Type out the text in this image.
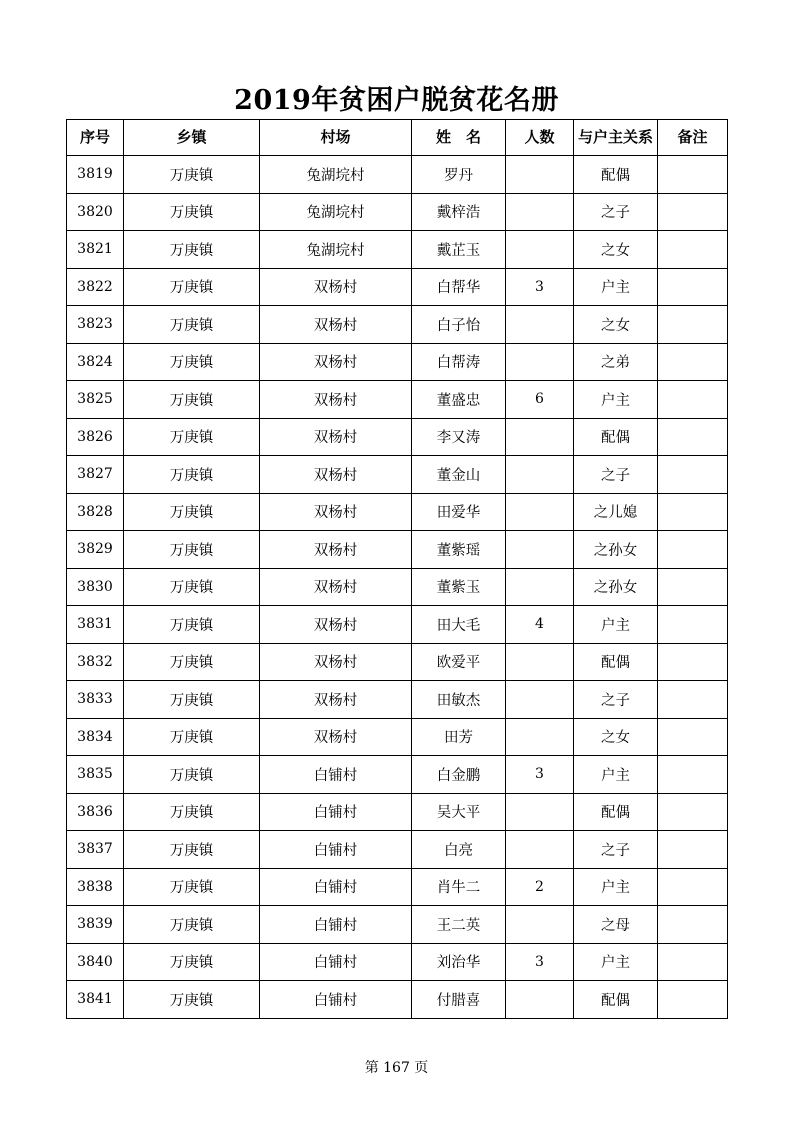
2019年贫困户脱贫花名册
序号	乡镇	村场	姓　名	人数	与户主关系	备注
3819	万庚镇	兔湖垸村	罗丹		配偶	
3820	万庚镇	兔湖垸村	戴梓浩		之子	
3821	万庚镇	兔湖垸村	戴芷玉		之女	
3822	万庚镇	双杨村	白帮华	3	户主	
3823	万庚镇	双杨村	白子怡		之女	
3824	万庚镇	双杨村	白帮涛		之弟	
3825	万庚镇	双杨村	董盛忠	6	户主	
3826	万庚镇	双杨村	李又涛		配偶	
3827	万庚镇	双杨村	董金山		之子	
3828	万庚镇	双杨村	田爱华		之儿媳	
3829	万庚镇	双杨村	董紫瑶		之孙女	
3830	万庚镇	双杨村	董紫玉		之孙女	
3831	万庚镇	双杨村	田大毛	4	户主	
3832	万庚镇	双杨村	欧爱平		配偶	
3833	万庚镇	双杨村	田敏杰		之子	
3834	万庚镇	双杨村	田芳		之女	
3835	万庚镇	白铺村	白金鹏	3	户主	
3836	万庚镇	白铺村	吴大平		配偶	
3837	万庚镇	白铺村	白亮		之子	
3838	万庚镇	白铺村	肖牛二	2	户主	
3839	万庚镇	白铺村	王二英		之母	
3840	万庚镇	白铺村	刘治华	3	户主	
3841	万庚镇	白铺村	付腊喜		配偶	
第 167 页
